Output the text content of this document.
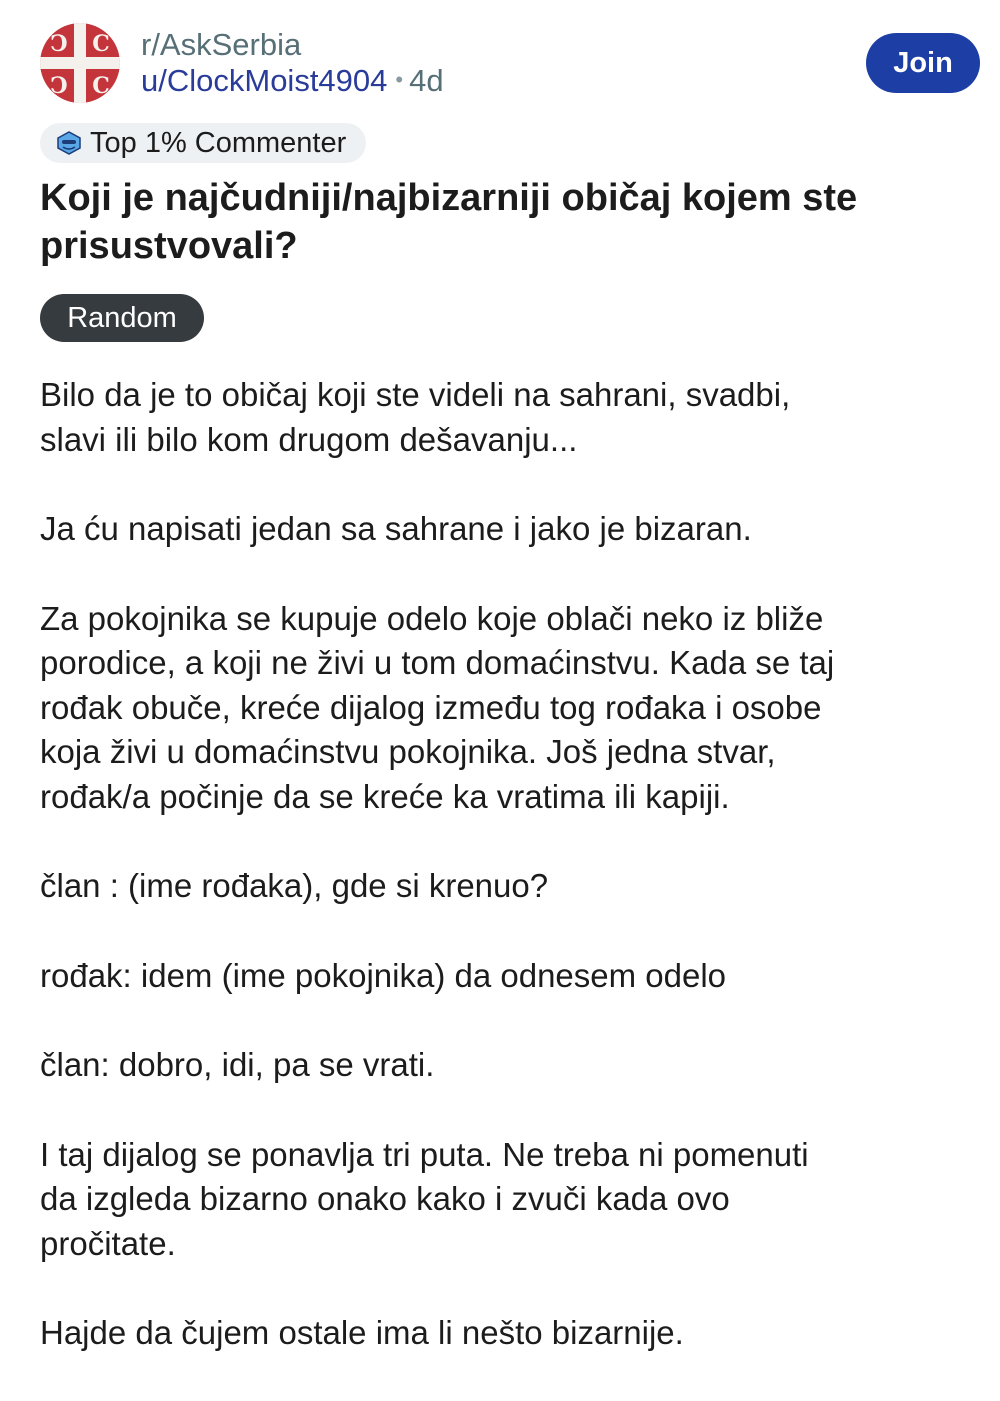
Ͻ C
Ͻ C
r/AskSerbia
u/ClockMoist4904 • 4d
Join
Top 1% Commenter
Koji je najčudniji/najbizarniji običaj kojem ste prisustvovali?
Random

Bilo da je to običaj koji ste videli na sahrani, svadbi,
slavi ili bilo kom drugom dešavanju...

Ja ću napisati jedan sa sahrane i jako je bizaran.

Za pokojnika se kupuje odelo koje oblači neko iz bliže
porodice, a koji ne živi u tom domaćinstvu. Kada se taj
rođak obuče, kreće dijalog između tog rođaka i osobe
koja živi u domaćinstvu pokojnika. Još jedna stvar,
rođak/a počinje da se kreće ka vratima ili kapiji.

član : (ime rođaka), gde si krenuo?

rođak: idem (ime pokojnika) da odnesem odelo

član: dobro, idi, pa se vrati.

I taj dijalog se ponavlja tri puta. Ne treba ni pomenuti
da izgleda bizarno onako kako i zvuči kada ovo
pročitate.

Hajde da čujem ostale ima li nešto bizarnije.
